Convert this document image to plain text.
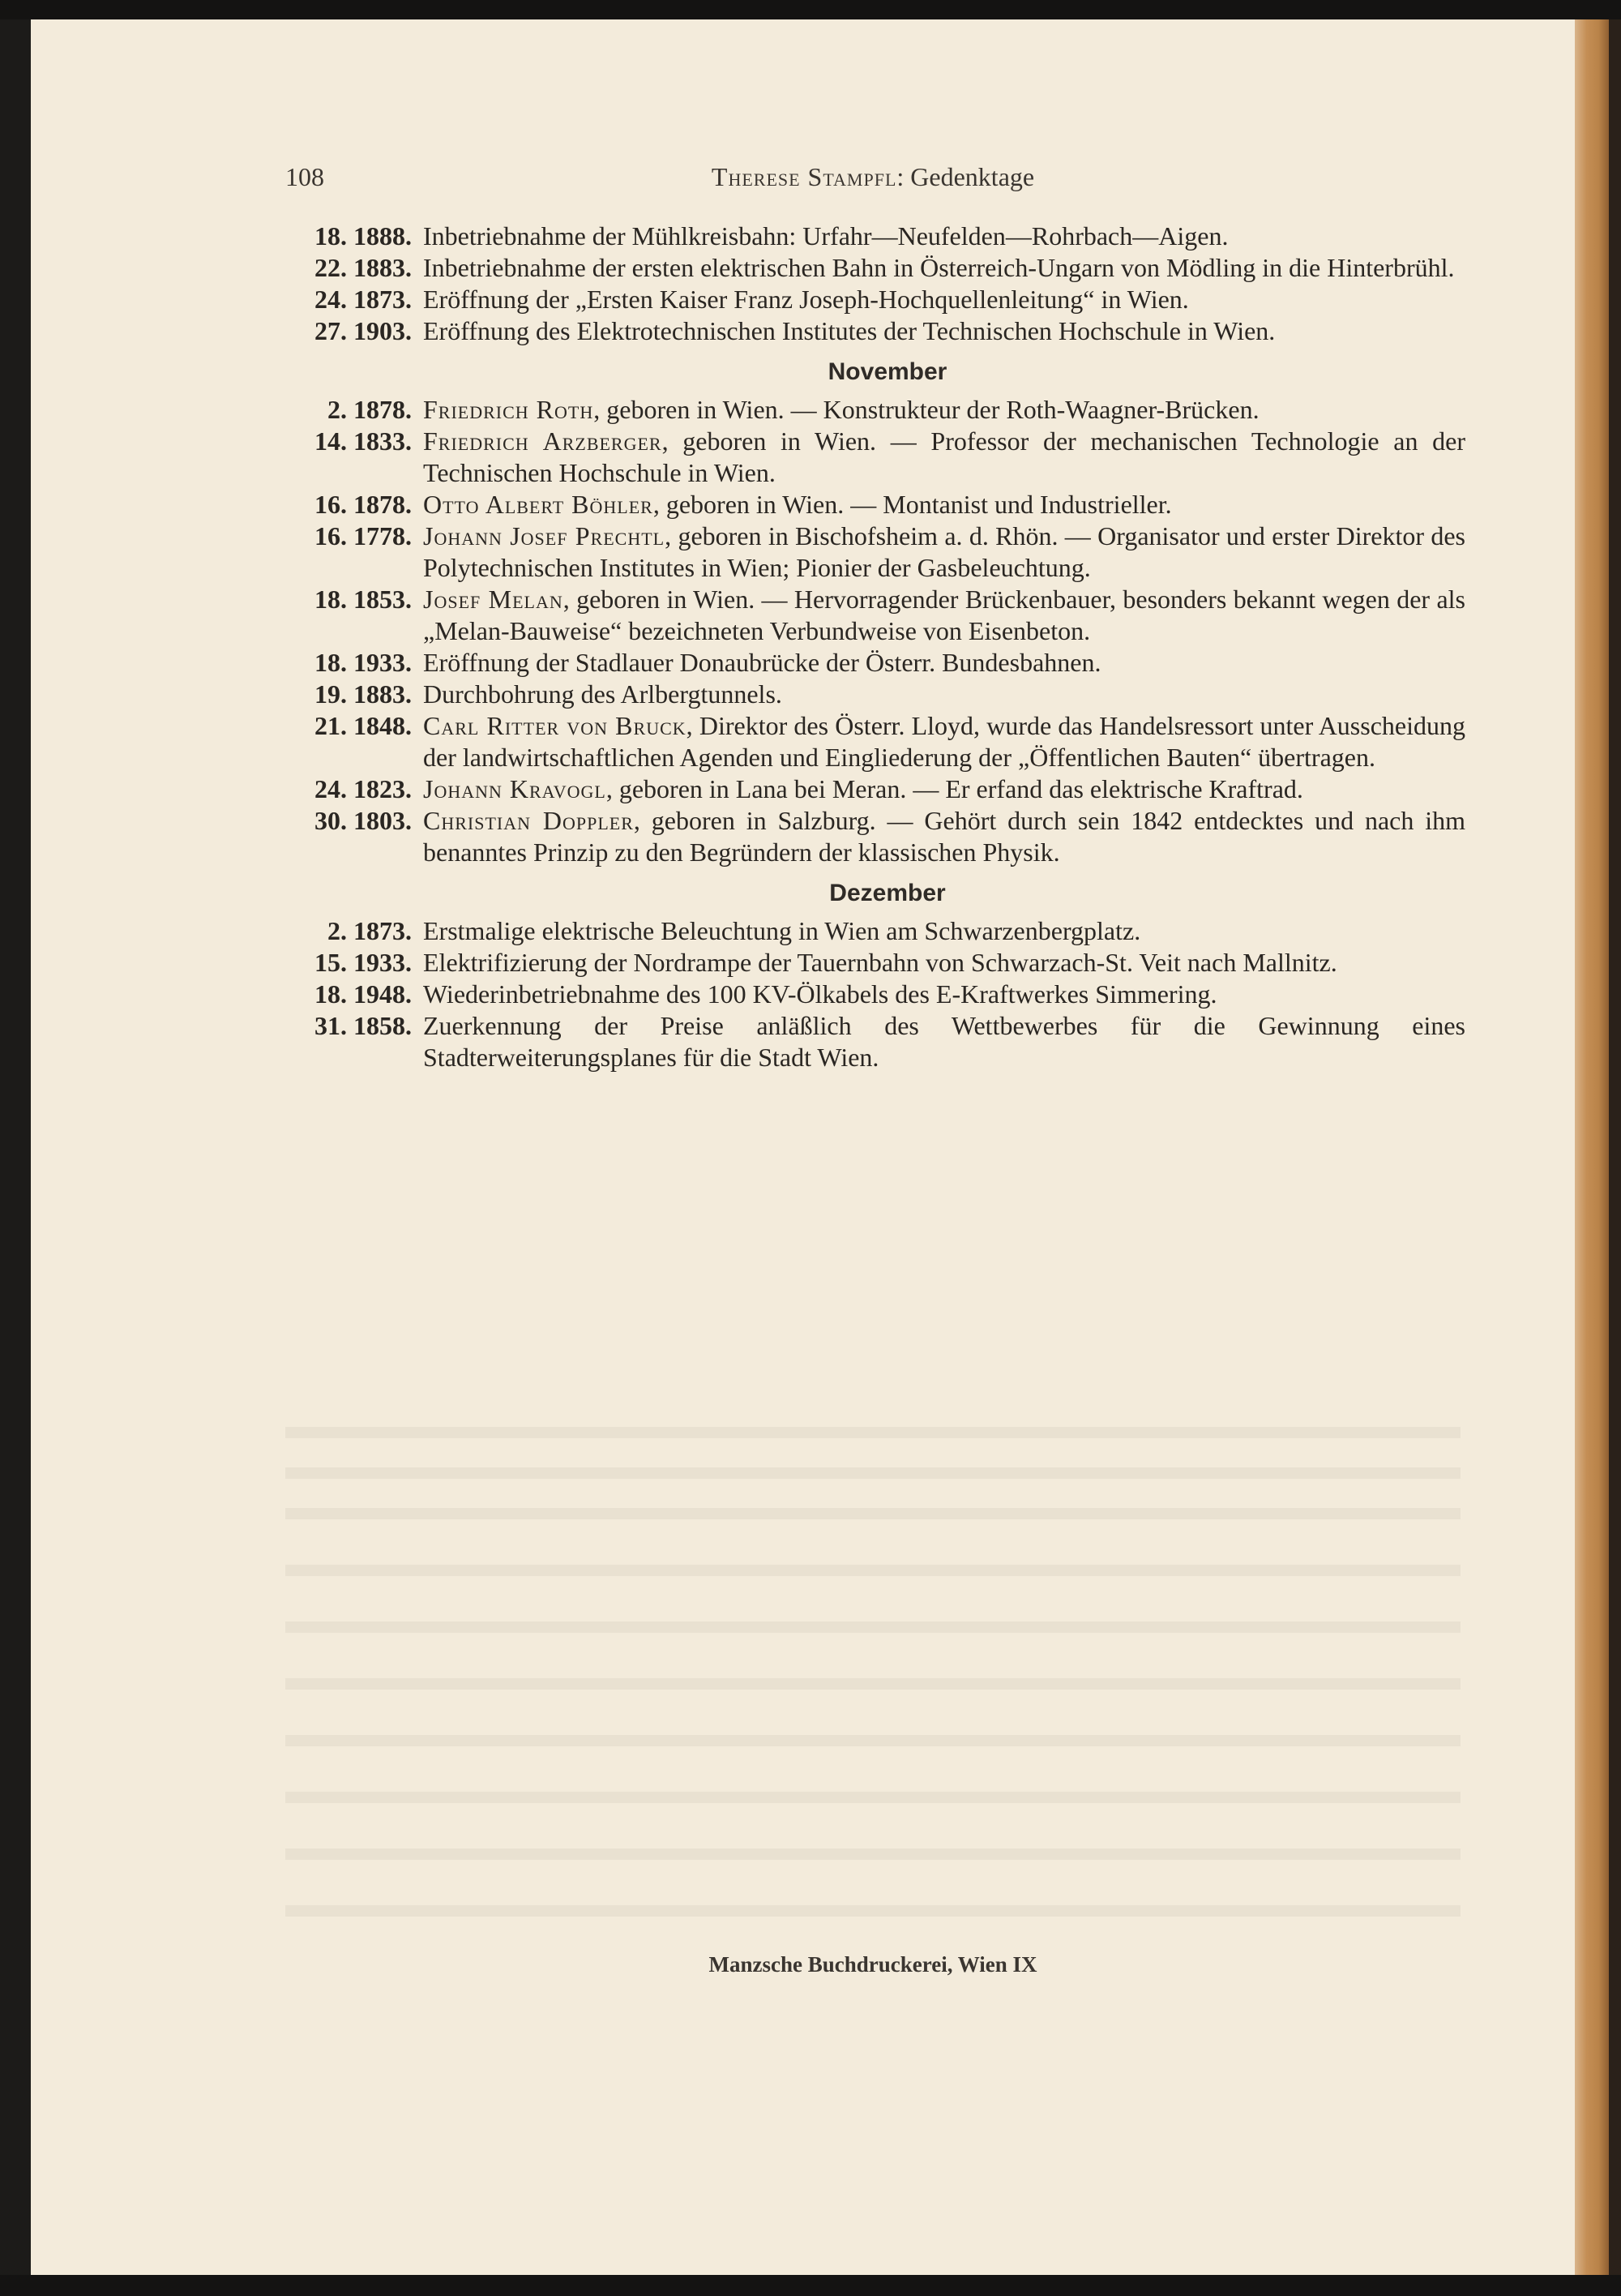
108	Therese Stampfl: Gedenktage
18. 1888. Inbetriebnahme der Mühlkreisbahn: Urfahr—Neufelden—Rohrbach—Aigen.
22. 1883. Inbetriebnahme der ersten elektrischen Bahn in Österreich-Ungarn von Mödling in die Hinterbrühl.
24. 1873. Eröffnung der „Ersten Kaiser Franz Joseph-Hochquellenleitung“ in Wien.
27. 1903. Eröffnung des Elektrotechnischen Institutes der Technischen Hochschule in Wien.
November
2. 1878. Friedrich Roth, geboren in Wien. — Konstrukteur der Roth-Waagner-Brücken.
14. 1833. Friedrich Arzberger, geboren in Wien. — Professor der mechanischen Technologie an der Technischen Hochschule in Wien.
16. 1878. Otto Albert Böhler, geboren in Wien. — Montanist und Industrieller.
16. 1778. Johann Josef Prechtl, geboren in Bischofsheim a. d. Rhön. — Organisator und erster Direktor des Polytechnischen Institutes in Wien; Pionier der Gasbeleuchtung.
18. 1853. Josef Melan, geboren in Wien. — Hervorragender Brückenbauer, besonders bekannt wegen der als „Melan-Bauweise“ bezeichneten Verbundweise von Eisenbeton.
18. 1933. Eröffnung der Stadlauer Donaubrücke der Österr. Bundesbahnen.
19. 1883. Durchbohrung des Arlbergtunnels.
21. 1848. Carl Ritter von Bruck, Direktor des Österr. Lloyd, wurde das Handelsressort unter Ausscheidung der landwirtschaftlichen Agenden und Eingliederung der „Öffentlichen Bauten“ übertragen.
24. 1823. Johann Kravogl, geboren in Lana bei Meran. — Er erfand das elektrische Kraftrad.
30. 1803. Christian Doppler, geboren in Salzburg. — Gehört durch sein 1842 entdecktes und nach ihm benanntes Prinzip zu den Begründern der klassischen Physik.
Dezember
2. 1873. Erstmalige elektrische Beleuchtung in Wien am Schwarzenbergplatz.
15. 1933. Elektrifizierung der Nordrampe der Tauernbahn von Schwarzach-St. Veit nach Mallnitz.
18. 1948. Wiederinbetriebnahme des 100 KV-Ölkabels des E-Kraftwerkes Simmering.
31. 1858. Zuerkennung der Preise anläßlich des Wettbewerbes für die Gewinnung eines Stadterweiterungsplanes für die Stadt Wien.
Manzsche Buchdruckerei, Wien IX
